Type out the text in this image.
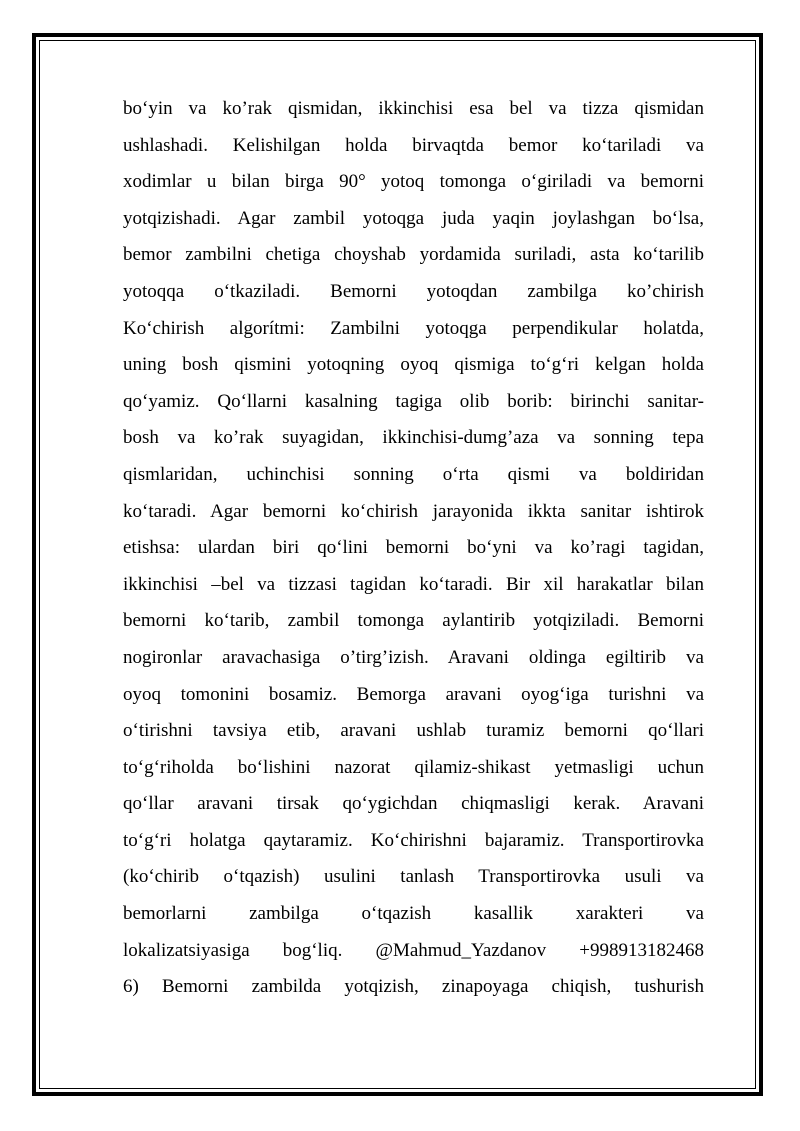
bo‘yin va ko’rak qismidan, ikkinchisi esa bel va tizza qismidan
ushlashadi. Kelishilgan holda birvaqtda bemor ko‘tariladi va
xodimlar u bilan birga 90° yotoq tomonga o‘giriladi va bemorni
yotqizishadi. Agar zambil yotoqga juda yaqin joylashgan bo‘lsa,
bemor zambilni chetiga choyshab yordamida suriladi, asta ko‘tarilib
yotoqqa o‘tkaziladi. Bemorni yotoqdan zambilga ko’chirish
Ko‘chirish algorítmi: Zambilni yotoqga perpendikular holatda,
uning bosh qismini yotoqning oyoq qismiga to‘g‘ri kelgan holda
qo‘yamiz. Qo‘llarni kasalning tagiga olib borib: birinchi sanitar-
bosh va ko’rak suyagidan, ikkinchisi-dumg’aza va sonning tepa
qismlaridan, uchinchisi sonning o‘rta qismi va boldiridan
ko‘taradi. Agar bemorni ko‘chirish jarayonida ikkta sanitar ishtirok
etishsa: ulardan biri qo‘lini bemorni bo‘yni va ko’ragi tagidan,
ikkinchisi –bel va tizzasi tagidan ko‘taradi. Bir xil harakatlar bilan
bemorni ko‘tarib, zambil tomonga aylantirib yotqiziladi. Bemorni
nogironlar aravachasiga o’tirg’izish. Aravani oldinga egiltirib va
oyoq tomonini bosamiz. Bemorga aravani oyog‘iga turishni va
o‘tirishni tavsiya etib, aravani ushlab turamiz bemorni qo‘llari
to‘g‘riholda bo‘lishini nazorat qilamiz-shikast yetmasligi uchun
qo‘llar aravani tirsak qo‘ygichdan chiqmasligi kerak. Aravani
to‘g‘ri holatga qaytaramiz. Ko‘chirishni bajaramiz. Transportirovka
(ko‘chirib o‘tqazish) usulini tanlash Transportirovka usuli va
bemorlarni zambilga o‘tqazish kasallik xarakteri va
lokalizatsiyasiga bog‘liq. @Mahmud_Yazdanov +998913182468
6) Bemorni zambilda yotqizish, zinapoyaga chiqish, tushurish
